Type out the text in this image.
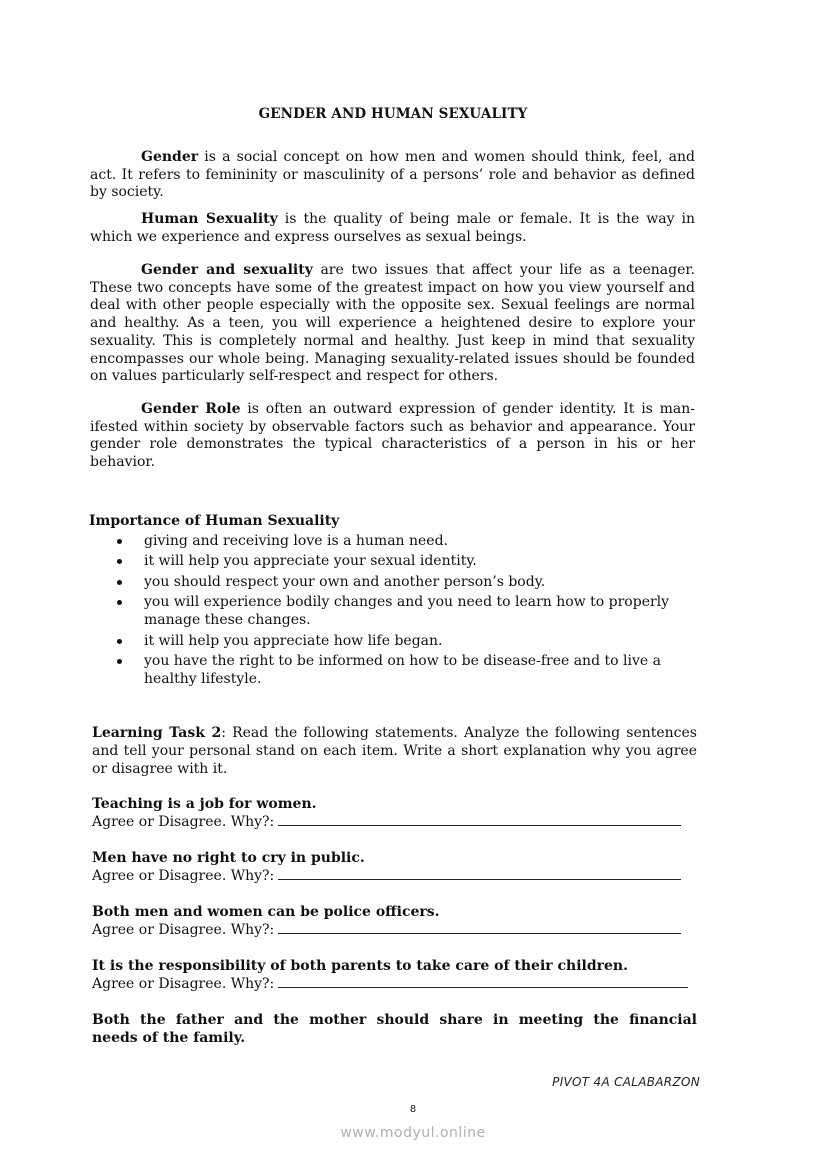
GENDER AND HUMAN SEXUALITY

Gender is a social concept on how men and women should think, feel, and act. It refers to femininity or masculinity of a persons’ role and behavior as defined by society.

Human Sexuality is the quality of being male or female. It is the way in which we experience and express ourselves as sexual beings.

Gender and sexuality are two issues that affect your life as a teenager. These two concepts have some of the greatest impact on how you view yourself and deal with other people especially with the opposite sex. Sexual feelings are normal and healthy. As a teen, you will experience a heightened desire to explore your sexuality. This is completely normal and healthy. Just keep in mind that sexuality encompasses our whole being. Managing sexuality-related issues should be founded on values particularly self-respect and respect for others.

Gender Role is often an outward expression of gender identity. It is manifested within society by observable factors such as behavior and appearance. Your gender role demonstrates the typical characteristics of a person in his or her behavior.

Importance of Human Sexuality
giving and receiving love is a human need.
it will help you appreciate your sexual identity.
you should respect your own and another person’s body.
you will experience bodily changes and you need to learn how to properly manage these changes.
it will help you appreciate how life began.
you have the right to be informed on how to be disease-free and to live a healthy lifestyle.

Learning Task 2: Read the following statements. Analyze the following sentences and tell your personal stand on each item. Write a short explanation why you agree or disagree with it.

Teaching is a job for women.
Agree or Disagree. Why?:
Men have no right to cry in public.
Agree or Disagree. Why?:
Both men and women can be police officers.
Agree or Disagree. Why?:
It is the responsibility of both parents to take care of their children.
Agree or Disagree. Why?:

Both the father and the mother should share in meeting the financial
needs of the family.

PIVOT 4A CALABARZON
8
www.modyul.online
